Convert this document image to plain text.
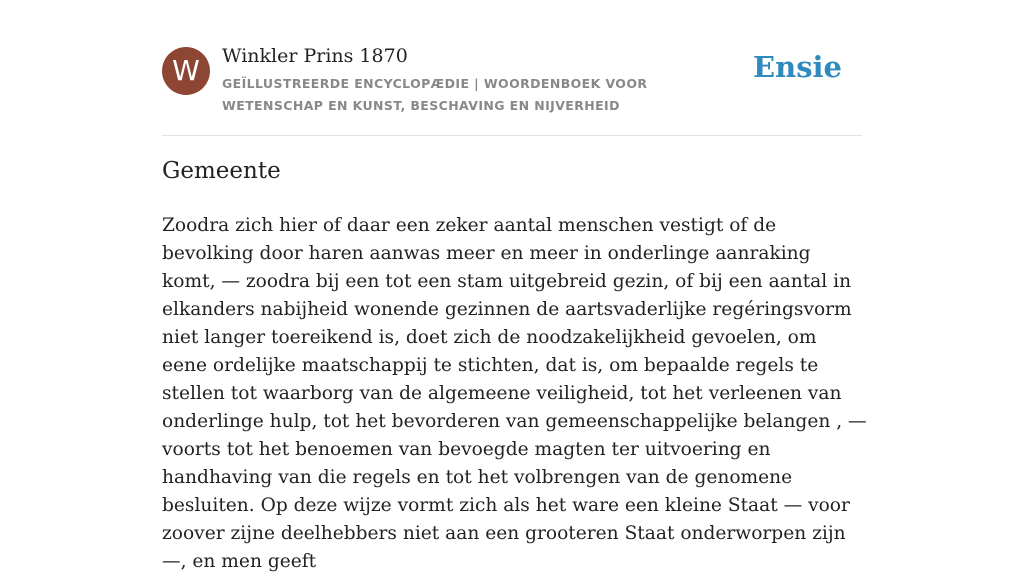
W	Winkler Prins 1870
GEÏLLUSTREERDE ENCYCLOPÆDIE | WOORDENBOEK VOOR WETENSCHAP EN KUNST, BESCHAVING EN NIJVERHEID
Ensie
Gemeente

Zoodra zich hier of daar een zeker aantal menschen vestigt of de bevolking door haren aanwas meer en meer in onderlinge aanraking komt, — zoodra bij een tot een stam uitgebreid gezin, of bij een aantal in elkanders nabijheid wonende gezinnen de aartsvaderlijke regéringsvorm niet langer toereikend is, doet zich de noodzakelijkheid gevoelen, om eene ordelijke maatschappij te stichten, dat is, om bepaalde regels te stellen tot waarborg van de algemeene veiligheid, tot het verleenen van onderlinge hulp, tot het bevorderen van gemeenschappelijke belangen , — voorts tot het benoemen van bevoegde magten ter uitvoering en handhaving van die regels en tot het volbrengen van de genomene besluiten. Op deze wijze vormt zich als het ware een kleine Staat — voor zoover zijne deelhebbers niet aan een grooteren Staat onderworpen zijn —, en men geeft
